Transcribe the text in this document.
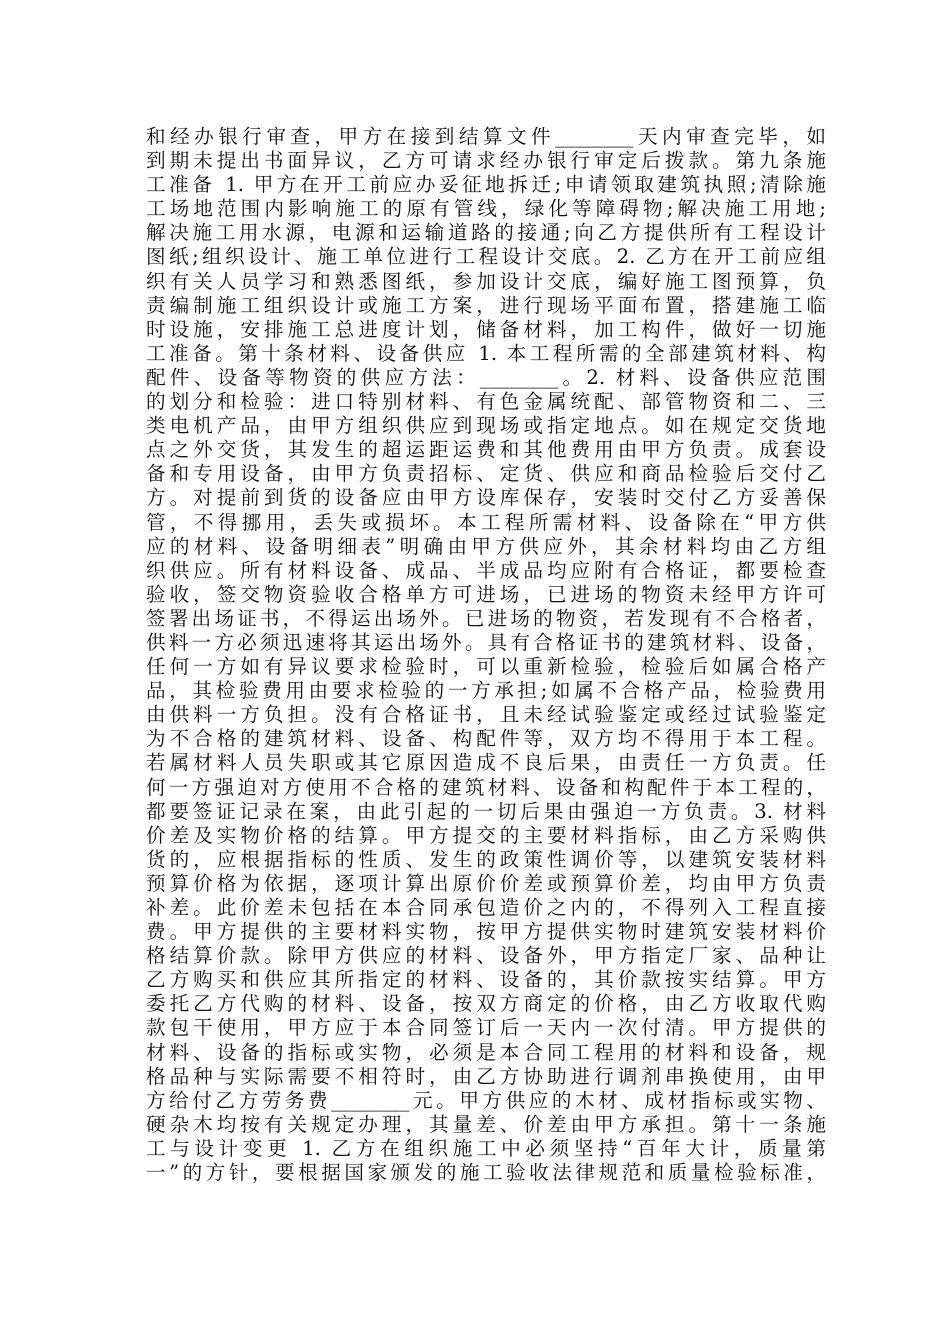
和经办银行审查，甲方在接到结算文件________天内审查完毕，如
到期未提出书面异议，乙方可请求经办银行审定后拨款。第九条施
工准备 1. 甲方在开工前应办妥征地拆迁;申请领取建筑执照;清除施
工场地范围内影响施工的原有管线，绿化等障碍物;解决施工用地;
解决施工用水源，电源和运输道路的接通;向乙方提供所有工程设计
图纸;组织设计、施工单位进行工程设计交底。2. 乙方在开工前应组
织有关人员学习和熟悉图纸，参加设计交底，编好施工图预算，负
责编制施工组织设计或施工方案，进行现场平面布置，搭建施工临
时设施，安排施工总进度计划，储备材料，加工构件，做好一切施
工准备。第十条材料、设备供应 1. 本工程所需的全部建筑材料、构
配件、设备等物资的供应方法：________。2. 材料、设备供应范围
的划分和检验：进口特别材料、有色金属统配、部管物资和二、三
类电机产品，由甲方组织供应到现场或指定地点。如在规定交货地
点之外交货，其发生的超运距运费和其他费用由甲方负责。成套设
备和专用设备，由甲方负责招标、定货、供应和商品检验后交付乙
方。对提前到货的设备应由甲方设库保存，安装时交付乙方妥善保
管，不得挪用，丢失或损坏。本工程所需材料、设备除在“甲方供
应的材料、设备明细表”明确由甲方供应外，其余材料均由乙方组
织供应。所有材料设备、成品、半成品均应附有合格证，都要检查
验收，签交物资验收合格单方可进场，已进场的物资未经甲方许可
签署出场证书，不得运出场外。已进场的物资，若发现有不合格者，
供料一方必须迅速将其运出场外。具有合格证书的建筑材料、设备，
任何一方如有异议要求检验时，可以重新检验，检验后如属合格产
品，其检验费用由要求检验的一方承担;如属不合格产品，检验费用
由供料一方负担。没有合格证书，且未经试验鉴定或经过试验鉴定
为不合格的建筑材料、设备、构配件等，双方均不得用于本工程。
若属材料人员失职或其它原因造成不良后果，由责任一方负责。任
何一方强迫对方使用不合格的建筑材料、设备和构配件于本工程的，
都要签证记录在案，由此引起的一切后果由强迫一方负责。3. 材料
价差及实物价格的结算。甲方提交的主要材料指标，由乙方采购供
货的，应根据指标的性质、发生的政策性调价等，以建筑安装材料
预算价格为依据，逐项计算出原价价差或预算价差，均由甲方负责
补差。此价差未包括在本合同承包造价之内的，不得列入工程直接
费。甲方提供的主要材料实物，按甲方提供实物时建筑安装材料价
格结算价款。除甲方供应的材料、设备外，甲方指定厂家、品种让
乙方购买和供应其所指定的材料、设备的，其价款按实结算。甲方
委托乙方代购的材料、设备，按双方商定的价格，由乙方收取代购
款包干使用，甲方应于本合同签订后一天内一次付清。甲方提供的
材料、设备的指标或实物，必须是本合同工程用的材料和设备，规
格品种与实际需要不相符时，由乙方协助进行调剂串换使用，由甲
方给付乙方劳务费________元。甲方供应的木材、成材指标或实物、
硬杂木均按有关规定办理，其量差、价差由甲方承担。第十一条施
工与设计变更 1. 乙方在组织施工中必须坚持“百年大计，质量第
一”的方针，要根据国家颁发的施工验收法律规范和质量检验标准，
